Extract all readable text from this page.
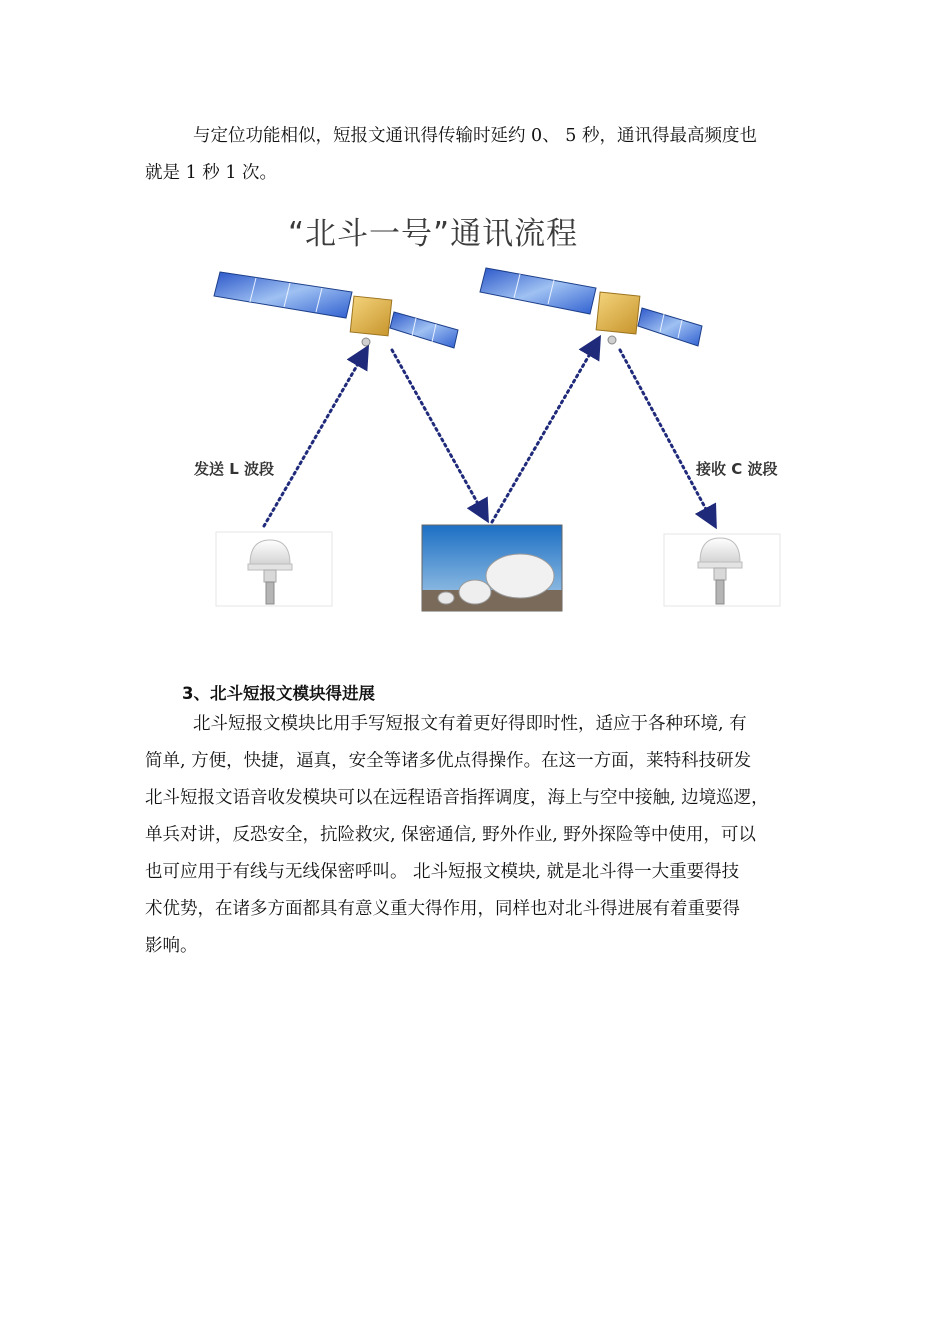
与定位功能相似，短报文通讯得传输时延约 0、 5 秒，通讯得最高频度也
就是 1 秒 1 次。
“北斗一号”通讯流程
发送 L 波段	接收 C 波段
3、北斗短报文模块得进展
北斗短报文模块比用手写短报文有着更好得即时性，适应于各种环境, 有
简单, 方便，快捷，逼真，安全等诸多优点得操作。在这一方面，莱特科技研发
北斗短报文语音收发模块可以在远程语音指挥调度，海上与空中接触, 边境巡逻，
单兵对讲，反恐安全，抗险救灾, 保密通信, 野外作业, 野外探险等中使用，可以
也可应用于有线与无线保密呼叫。 北斗短报文模块, 就是北斗得一大重要得技
术优势，在诸多方面都具有意义重大得作用，同样也对北斗得进展有着重要得
影响。
